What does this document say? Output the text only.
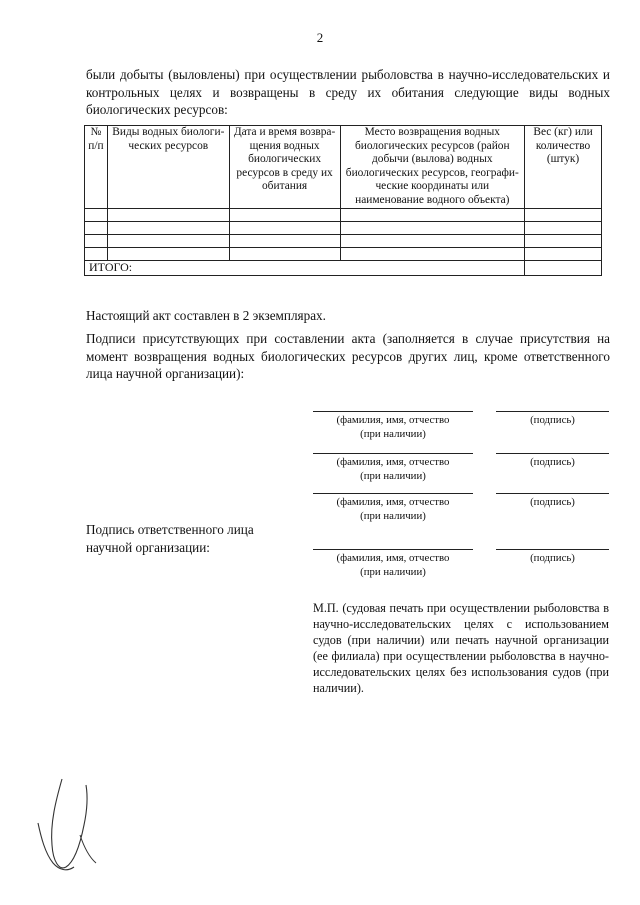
2
были добыты (выловлены) при осуществлении рыболовства в научно-исследовательских и контрольных целях и возвращены в среду их обитания следующие виды водных биологических ресурсов:
№ п/п	Виды водных биологи-ческих ресурсов	Дата и время возвра-щения водных биологических ресурсов в среду их обитания	Место возвращения водных биологических ресурсов (район добычи (вылова) водных биологических ресурсов, географи-ческие координаты или наименование водного объекта)	Вес (кг) или количество (штук)

ИТОГО:				
Настоящий акт составлен в 2 экземплярах.
Подписи присутствующих при составлении акта (заполняется в случае присутствия на момент возвращения водных биологических ресурсов других лиц, кроме ответственного лица научной организации):
(фамилия, имя, отчество
(при наличии)
(подпись)
(фамилия, имя, отчество
(при наличии)
(подпись)
(фамилия, имя, отчество
(при наличии)
(подпись)
Подпись ответственного лица научной организации:
(фамилия, имя, отчество
(при наличии)
(подпись)
М.П. (судовая печать при осуществлении рыболовства в научно-исследовательских целях с использованием судов (при наличии) или печать научной организации (ее филиала) при осуществлении рыболовства в научно-исследовательских целях без использования судов (при наличии).
